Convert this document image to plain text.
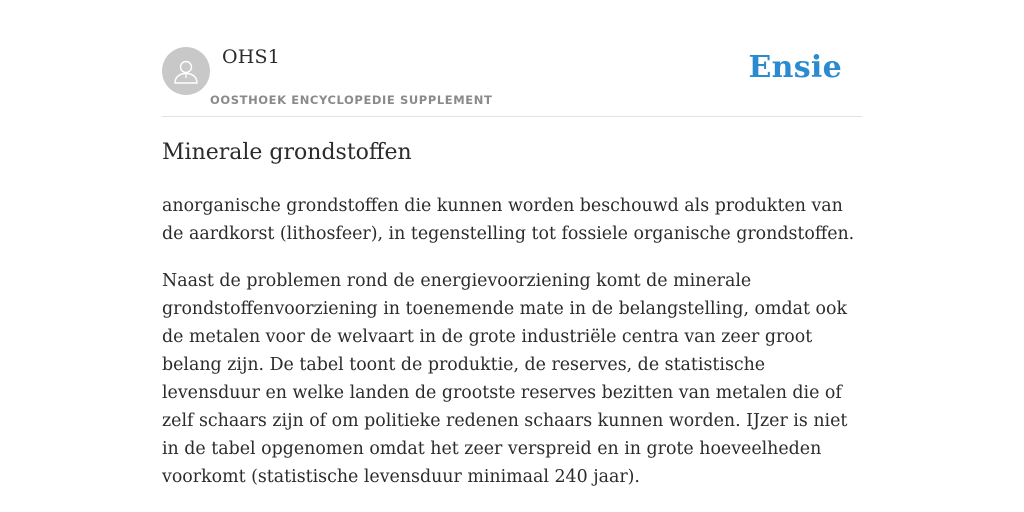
OHS1
OOSTHOEK ENCYCLOPEDIE SUPPLEMENT
Ensie
Minerale grondstoffen

anorganische grondstoffen die kunnen worden beschouwd als produkten van de aardkorst (lithosfeer), in tegenstelling tot fossiele organische grondstoffen.

Naast de problemen rond de energievoorziening komt de minerale grondstoffenvoorziening in toenemende mate in de belangstelling, omdat ook de metalen voor de welvaart in de grote industriële centra van zeer groot belang zijn. De tabel toont de produktie, de reserves, de statistische levensduur en welke landen de grootste reserves bezitten van metalen die of zelf schaars zijn of om politieke redenen schaars kunnen worden. IJzer is niet in de tabel opgenomen omdat het zeer verspreid en in grote hoeveelheden voorkomt (statistische levensduur minimaal 240 jaar).
